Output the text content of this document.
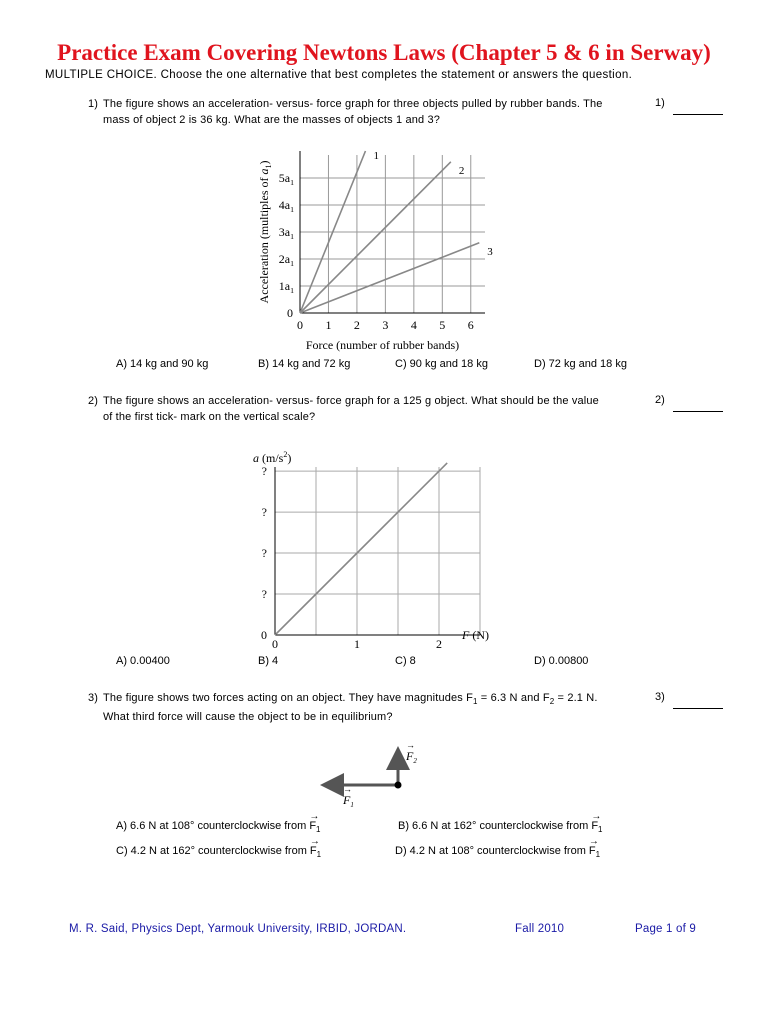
Practice Exam Covering Newtons Laws (Chapter 5 & 6 in Serway)
MULTIPLE CHOICE. Choose the one alternative that best completes the statement or answers the question.
1) The figure shows an acceleration- versus- force graph for three objects pulled by rubber bands. The
mass of object 2 is 36 kg. What are the masses of objects 1 and 3?
1)
0 1 2 3 4 5 6
0
$1a_1$
$2a_1$
$3a_1$
$4a_1$
$5a_1$
1
2
3
Force (number of rubber bands)
Acceleration (multiples of $a_1$)
A) 14 kg and 90 kg	B) 14 kg and 72 kg	C) 90 kg and 18 kg	D) 72 kg and 18 kg
2) The figure shows an acceleration- versus- force graph for a 125 g object. What should be the value
of the first tick- mark on the vertical scale?
2)
0	1	2
0
?
?
?
?
F (N)
a $(m/s^2)$
A) 0.00400	B) 4	C) 8	D) 0.00800
3) The figure shows two forces acting on an object. They have magnitudes $F_1 = 6.3$ N and $F_2 = 2.1$ N.
What third force will cause the object to be in equilibrium?
3)
$F_2$
→
$F_1$
→
A) 6.6 N at 108° counterclockwise from → $F_1$	B) 6.6 N at 162° counterclockwise from → $F_1$
C) 4.2 N at 162° counterclockwise from → $F_1$	D) 4.2 N at 108° counterclockwise from → $F_1$
M. R. Said, Physics Dept, Yarmouk University, IRBID, JORDAN.	Fall 2010	Page 1 of 9
